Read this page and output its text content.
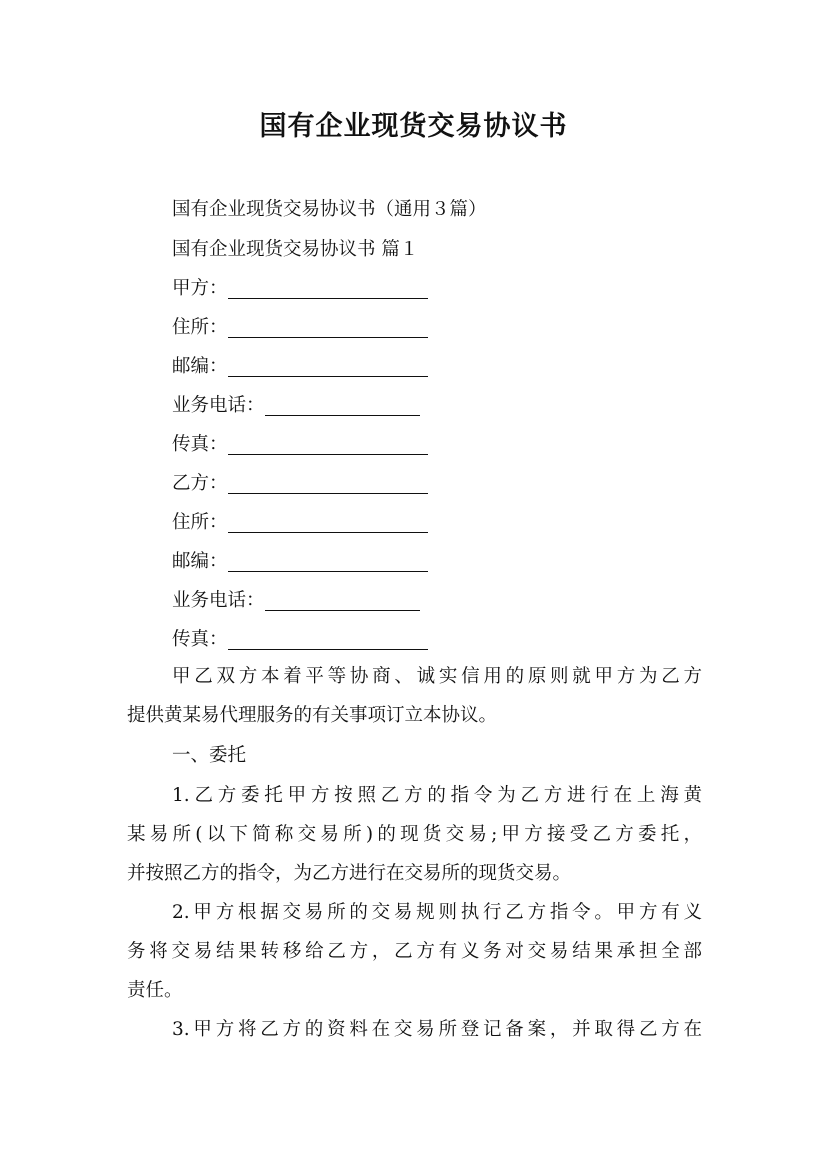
国有企业现货交易协议书
国有企业现货交易协议书（通用３篇）
国有企业现货交易协议书 篇１
甲方：
住所：
邮编：
业务电话：
传真：
乙方：
住所：
邮编：
业务电话：
传真：
甲乙双方本着平等协商、诚实信用的原则就甲方为乙方
提供黄某易代理服务的有关事项订立本协议。
一、委托
1.乙方委托甲方按照乙方的指令为乙方进行在上海黄
某易所(以下简称交易所)的现货交易;甲方接受乙方委托，
并按照乙方的指令，为乙方进行在交易所的现货交易。
2.甲方根据交易所的交易规则执行乙方指令。甲方有义
务将交易结果转移给乙方，乙方有义务对交易结果承担全部
责任。
3.甲方将乙方的资料在交易所登记备案，并取得乙方在
